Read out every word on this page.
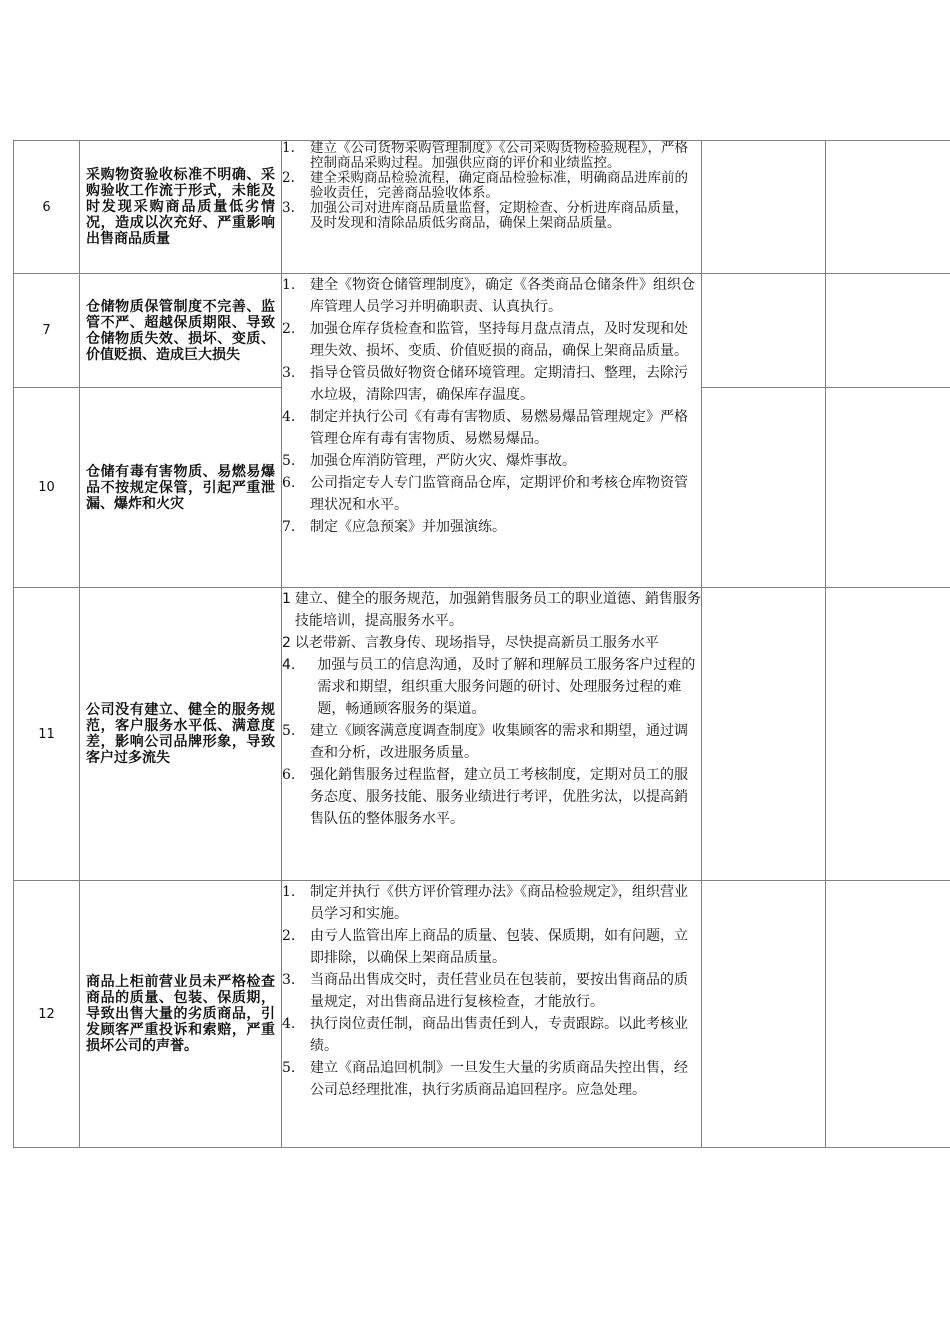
6	
采购物资验收标准不明确、采购验收工作流于形式，未能及时发现采购商品质量低劣情况，造成以次充好、严重影响出售商品质量

1.	建立《公司货物采购管理制度》《公司采购货物检验规程》，严格控制商品采购过程。加强供应商的评价和业绩监控。
2.	建全采购商品检验流程，确定商品检验标准，明确商品进库前的验收责任，完善商品验收体系。
3.	加强公司对进库商品质量监督，定期检查、分析进库商品质量，及时发现和清除品质低劣商品，确保上架商品质量。

7	
仓储物质保管制度不完善、监管不严、超越保质期限、导致仓储物质失效、损坏、变质、价值贬损、造成巨大损失

1.	建全《物资仓储管理制度》，确定《各类商品仓储条件》组织仓库管理人员学习并明确职责、认真执行。
2.	加强仓库存货检查和监管，坚持每月盘点清点，及时发现和处理失效、损坏、变质、价值贬损的商品，确保上架商品质量。
3.	指导仓管员做好物资仓储环境管理。定期清扫、整理，去除污水垃圾，清除四害，确保库存温度。
4.	制定并执行公司《有毒有害物质、易燃易爆品管理规定》严格管理仓库有毒有害物质、易燃易爆品。
5.	加强仓库消防管理，严防火灾、爆炸事故。
6.	公司指定专人专门监管商品仓库，定期评价和考核仓库物资管理状况和水平。
7.	制定《应急预案》并加强演练。

10	仓储有毒有害物质、易燃易爆品不按规定保管，引起严重泄漏、爆炸和火灾			

11	
公司没有建立、健全的服务规范，客户服务水平低、满意度差，影响公司品牌形象，导致客户过多流失

1 建立、健全的服务规范，加强銷售服务员工的职业道德、銷售服务技能培训，提高服务水平。
2 以老带新、言教身传、现场指导，尽快提高新员工服务水平
4.	加强与员工的信息沟通，及时了解和理解员工服务客户过程的需求和期望，组织重大服务问题的研讨、处理服务过程的难题，畅通顾客服务的渠道。
5.	建立《顾客满意度调查制度》收集顾客的需求和期望，通过调查和分析，改进服务质量。
6.	强化銷售服务过程监督，建立员工考核制度，定期对员工的服务态度、服务技能、服务业绩进行考评，优胜劣汰，以提高銷售队伍的整体服务水平。

12	
商品上柜前营业员未严格检查商品的质量、包装、保质期，导致出售大量的劣质商品，引发顾客严重投诉和索赔，严重损坏公司的声誉。

1.	制定并执行《供方评价管理办法》《商品检验规定》，组织营业员学习和实施。
2.	由亏人监管出库上商品的质量、包装、保质期，如有问题，立即排除，以确保上架商品质量。
3.	当商品出售成交时，责任营业员在包装前，要按出售商品的质量规定，对出售商品进行复核检查，才能放行。
4.	执行岗位责任制，商品出售责任到人，专责跟踪。以此考核业绩。
5.	建立《商品追回机制》一旦发生大量的劣质商品失控出售，经公司总经理批准，执行劣质商品追回程序。应急处理。
